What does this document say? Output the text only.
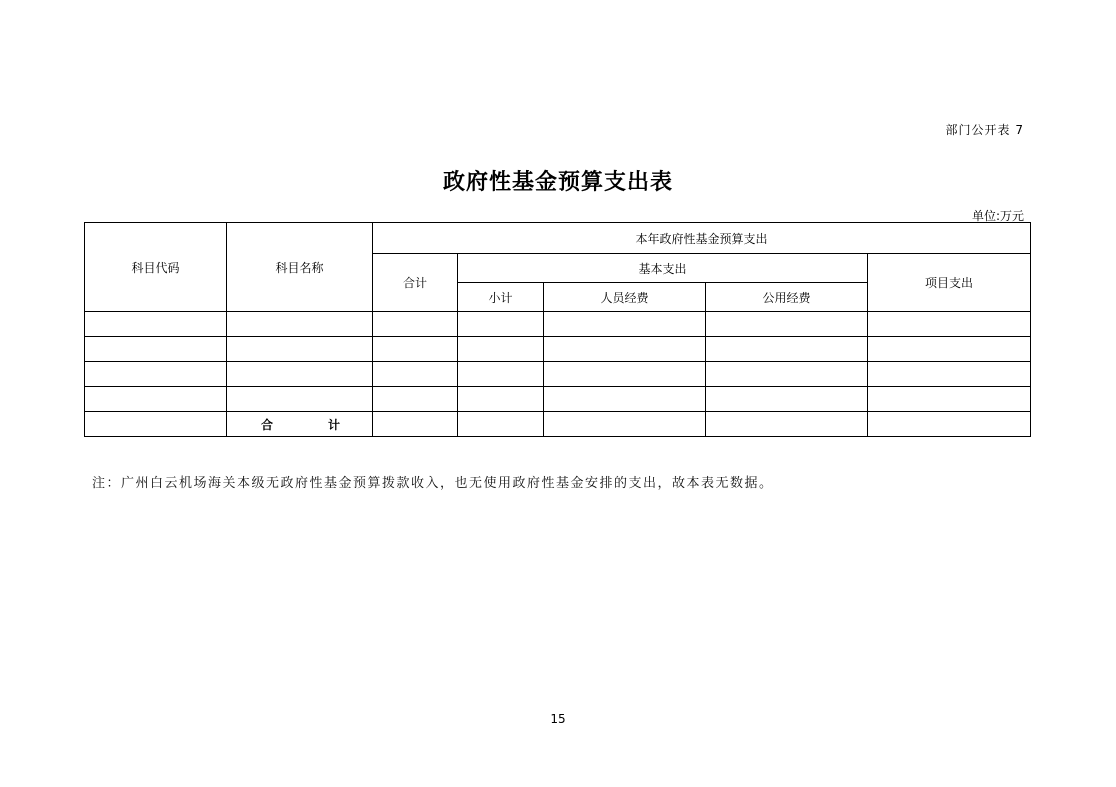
部门公开表 7
政府性基金预算支出表
单位:万元
科目代码	科目名称	本年政府性基金预算支出				
		合计	基本支出			项目支出
			小计	人员经费	公用经费	

	合 计					

注：广州白云机场海关本级无政府性基金预算拨款收入，也无使用政府性基金安排的支出，故本表无数据。
15
